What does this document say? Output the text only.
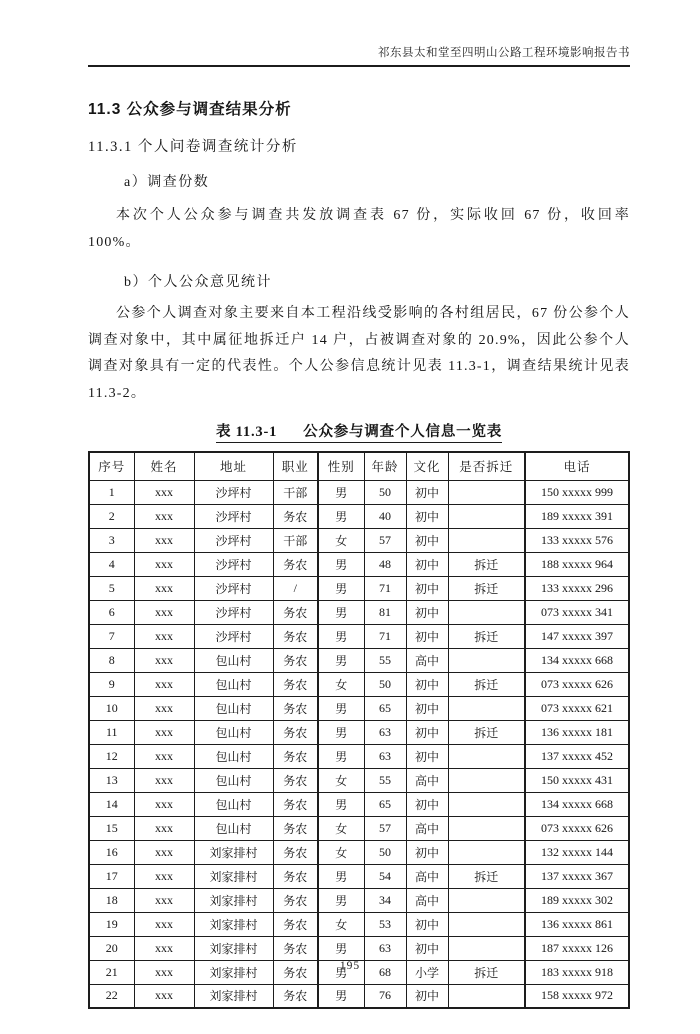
祁东县太和堂至四明山公路工程环境影响报告书
11.3 公众参与调查结果分析
11.3.1 个人问卷调查统计分析
a）调查份数

本次个人公众参与调查共发放调查表 67 份，实际收回 67 份，收回率 100%。

b）个人公众意见统计

公参个人调查对象主要来自本工程沿线受影响的各村组居民，67 份公参个人调查对象中，其中属征地拆迁户 14 户，占被调查对象的 20.9%，因此公参个人调查对象具有一定的代表性。个人公参信息统计见表 11.3-1，调查结果统计见表 11.3-2。

表 11.3-1 公众参与调查个人信息一览表
序号	姓名	地址	职业	性别	年龄	文化	是否拆迁	电话
1	xxx	沙坪村	干部	男	50	初中		150 xxxxx 999
2	xxx	沙坪村	务农	男	40	初中		189 xxxxx 391
3	xxx	沙坪村	干部	女	57	初中		133 xxxxx 576
4	xxx	沙坪村	务农	男	48	初中	拆迁	188 xxxxx 964
5	xxx	沙坪村	/	男	71	初中	拆迁	133 xxxxx 296
6	xxx	沙坪村	务农	男	81	初中		073 xxxxx 341
7	xxx	沙坪村	务农	男	71	初中	拆迁	147 xxxxx 397
8	xxx	包山村	务农	男	55	高中		134 xxxxx 668
9	xxx	包山村	务农	女	50	初中	拆迁	073 xxxxx 626
10	xxx	包山村	务农	男	65	初中		073 xxxxx 621
11	xxx	包山村	务农	男	63	初中	拆迁	136 xxxxx 181
12	xxx	包山村	务农	男	63	初中		137 xxxxx 452
13	xxx	包山村	务农	女	55	高中		150 xxxxx 431
14	xxx	包山村	务农	男	65	初中		134 xxxxx 668
15	xxx	包山村	务农	女	57	高中		073 xxxxx 626
16	xxx	刘家排村	务农	女	50	初中		132 xxxxx 144
17	xxx	刘家排村	务农	男	54	高中	拆迁	137 xxxxx 367
18	xxx	刘家排村	务农	男	34	高中		189 xxxxx 302
19	xxx	刘家排村	务农	女	53	初中		136 xxxxx 861
20	xxx	刘家排村	务农	男	63	初中		187 xxxxx 126
21	xxx	刘家排村	务农	男	68	小学	拆迁	183 xxxxx 918
22	xxx	刘家排村	务农	男	76	初中		158 xxxxx 972
195
